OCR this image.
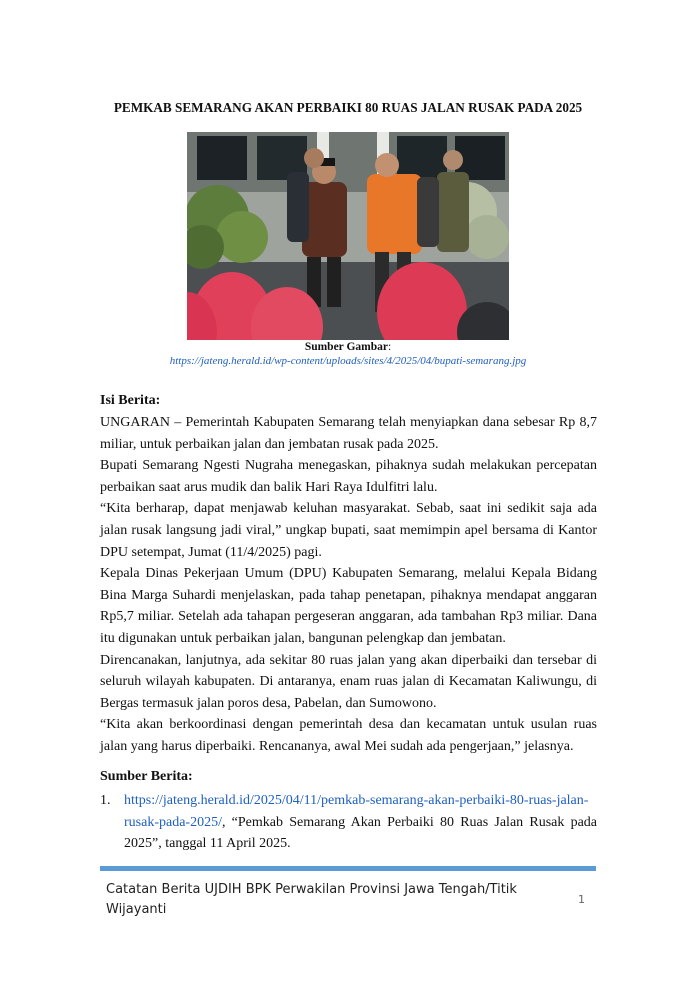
PEMKAB SEMARANG AKAN PERBAIKI 80 RUAS JALAN RUSAK PADA 2025
Sumber Gambar:
https://jateng.herald.id/wp-content/uploads/sites/4/2025/04/bupati-semarang.jpg
Isi Berita:

UNGARAN – Pemerintah Kabupaten Semarang telah menyiapkan dana sebesar Rp 8,7 miliar, untuk perbaikan jalan dan jembatan rusak pada 2025.

Bupati Semarang Ngesti Nugraha menegaskan, pihaknya sudah melakukan percepatan perbaikan saat arus mudik dan balik Hari Raya Idulfitri lalu.

“Kita berharap, dapat menjawab keluhan masyarakat. Sebab, saat ini sedikit saja ada jalan rusak langsung jadi viral,” ungkap bupati, saat memimpin apel bersama di Kantor DPU setempat, Jumat (11/4/2025) pagi.

Kepala Dinas Pekerjaan Umum (DPU) Kabupaten Semarang, melalui Kepala Bidang Bina Marga Suhardi menjelaskan, pada tahap penetapan, pihaknya mendapat anggaran Rp5,7 miliar. Setelah ada tahapan pergeseran anggaran, ada tambahan Rp3 miliar. Dana itu digunakan untuk perbaikan jalan, bangunan pelengkap dan jembatan.

Direncanakan, lanjutnya, ada sekitar 80 ruas jalan yang akan diperbaiki dan tersebar di seluruh wilayah kabupaten. Di antaranya, enam ruas jalan di Kecamatan Kaliwungu, di Bergas termasuk jalan poros desa, Pabelan, dan Sumowono.

“Kita akan berkoordinasi dengan pemerintah desa dan kecamatan untuk usulan ruas jalan yang harus diperbaiki. Rencananya, awal Mei sudah ada pengerjaan,” jelasnya.

Sumber Berita:
1. https://jateng.herald.id/2025/04/11/pemkab-semarang-akan-perbaiki-80-ruas-jalan-rusak-pada-2025/, “Pemkab Semarang Akan Perbaiki 80 Ruas Jalan Rusak pada 2025”, tanggal 11 April 2025.
Catatan Berita UJDIH BPK Perwakilan Provinsi Jawa Tengah/Titik Wijayanti
1
